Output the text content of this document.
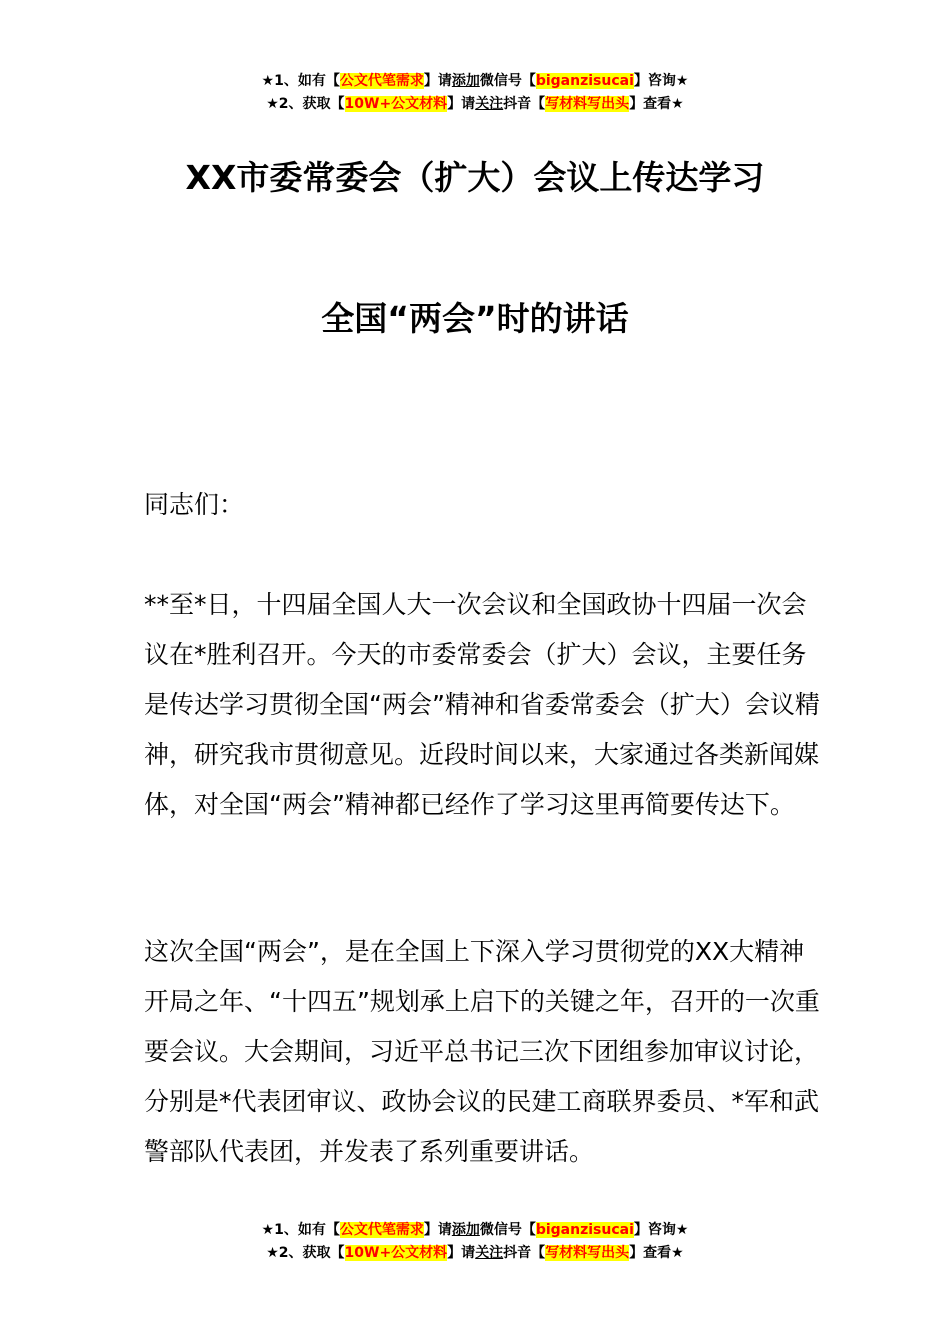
★1、如有【公文代笔需求】请添加微信号【biganzisucai】咨询★
★2、获取【10W+公文材料】请关注抖音【写材料写出头】查看★
XX市委常委会（扩大）会议上传达学习
全国“两会”时的讲话
同志们：

**至*日，十四届全国人大一次会议和全国政协十四届一次会议在*胜利召开。今天的市委常委会（扩大）会议，主要任务是传达学习贯彻全国“两会”精神和省委常委会（扩大）会议精神，研究我市贯彻意见。近段时间以来，大家通过各类新闻媒体，对全国“两会”精神都已经作了学习这里再简要传达下。

这次全国“两会”，是在全国上下深入学习贯彻党的XX大精神开局之年、“十四五”规划承上启下的关键之年，召开的一次重要会议。大会期间，习近平总书记三次下团组参加审议讨论，分别是*代表团审议、政协会议的民建工商联界委员、*军和武警部队代表团，并发表了系列重要讲话。

★1、如有【公文代笔需求】请添加微信号【biganzisucai】咨询★
★2、获取【10W+公文材料】请关注抖音【写材料写出头】查看★
